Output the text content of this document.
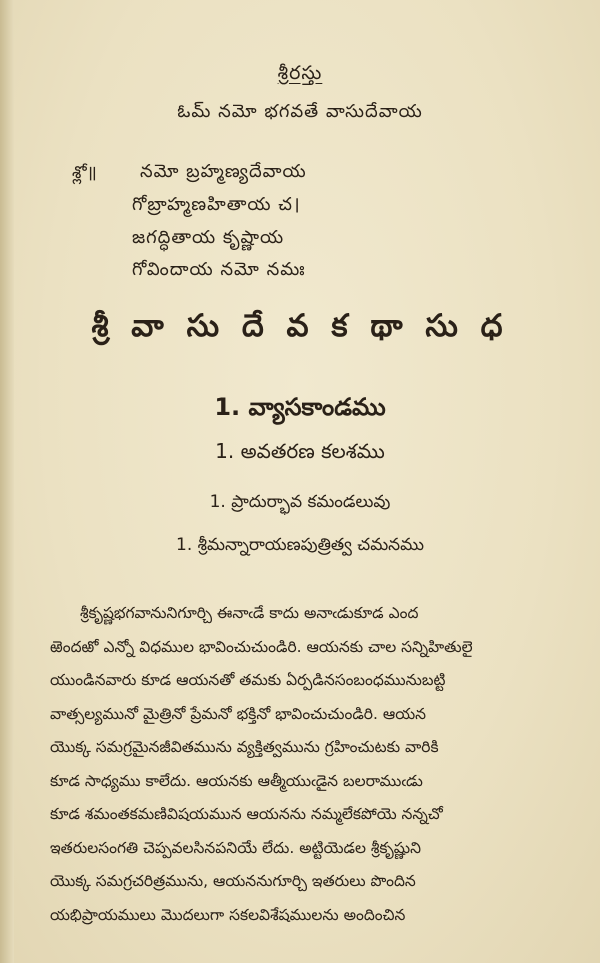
శ్రీరస్తు
ఓమ్ నమో భగవతే వాసుదేవాయ
శ్లో॥ నమో బ్రహ్మణ్యదేవాయ
గోబ్రాహ్మణహితాయ చ।
జగద్ధితాయ కృష్ణాయ
గోవిందాయ నమో నమః
శ్రీ వా సు దే వ క థా సు ధ
1. వ్యాసకాండము
1. అవతరణ కలశము
1. ప్రాదుర్భావ కమండలువు
1. శ్రీమన్నారాయణపుత్రిత్వ చమనము
శ్రీకృష్ణభగవానునిగూర్చి ఈనాఁడే కాదు అనాఁడుకూడ ఎంద
ఱెందఱో ఎన్నో విధముల భావించుచుండిరి. ఆయనకు చాల సన్నిహితులై
యుండినవారు కూడ ఆయనతో తమకు ఏర్పడినసంబంధమునుబట్టి
వాత్సల్యమునో మైత్రినో ప్రేమనో భక్తినో భావించుచుండిరి. ఆయన
యొక్క సమగ్రమైనజీవితమును వ్యక్తిత్వమును గ్రహించుటకు వారికి
కూడ సాధ్యము కాలేదు. ఆయనకు ఆత్మీయుఁడైన బలరాముఁడు
కూడ శమంతకమణివిషయమున ఆయనను నమ్మలేకపోయె నన్నచో
ఇతరులసంగతి చెప్పవలసినపనియే లేదు. అట్టియెడల శ్రీకృష్ణుని
యొక్క సమగ్రచరిత్రమును, ఆయననుగూర్చి ఇతరులు పొందిన
యభిప్రాయములు మొదలుగా సకలవిశేషములను అందించిన
